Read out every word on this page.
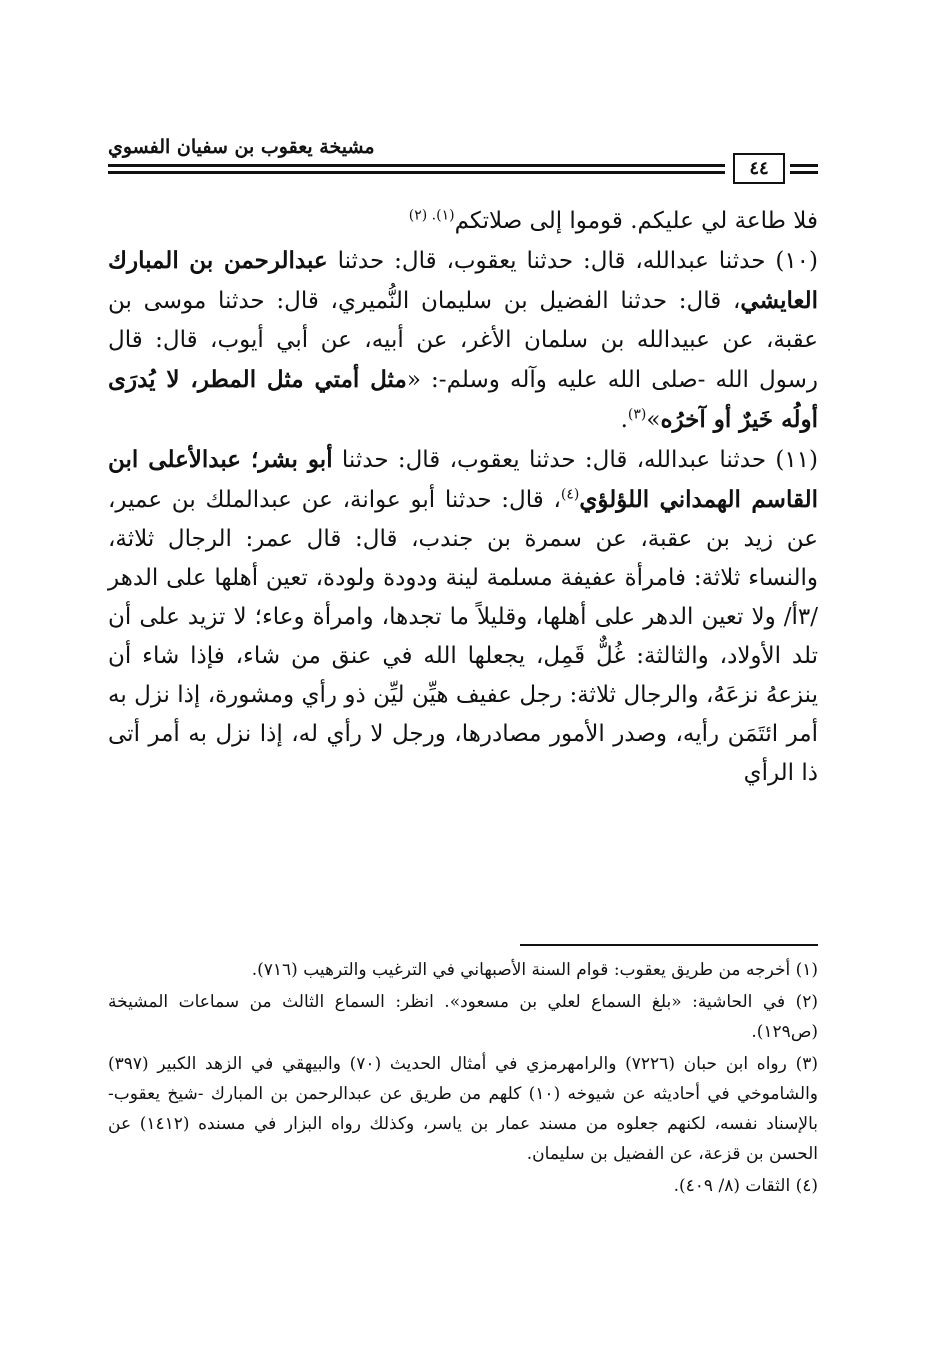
مشيخة يعقوب بن سفيان الفسوي
٤٤

فلا طاعة لي عليكم. قوموا إلى صلاتكم$^{(١). (٢)}$

(١٠) حدثنا عبدالله، قال: حدثنا يعقوب، قال: حدثنا عبدالرحمن بن المبارك العايشي، قال: حدثنا الفضيل بن سليمان النُّميري، قال: حدثنا موسى بن عقبة، عن عبيدالله بن سلمان الأغر، عن أبيه، عن أبي أيوب، قال: قال رسول الله -صلى الله عليه وآله وسلم-: «مثل أمتي مثل المطر، لا يُدرَى أولُه خَيرٌ أو آخرُه»$^{(٣)}$.

(١١) حدثنا عبدالله، قال: حدثنا يعقوب، قال: حدثنا أبو بشر؛ عبدالأعلى ابن القاسم الهمداني اللؤلؤي$^{(٤)}$، قال: حدثنا أبو عوانة، عن عبدالملك بن عمير، عن زيد بن عقبة، عن سمرة بن جندب، قال: قال عمر: الرجال ثلاثة، والنساء ثلاثة: فامرأة عفيفة مسلمة لينة ودودة ولودة، تعين أهلها على الدهر /٣أ/ ولا تعين الدهر على أهلها، وقليلاً ما تجدها، وامرأة وعاء؛ لا تزيد على أن تلد الأولاد، والثالثة: غُلٌّ قَمِل، يجعلها الله في عنق من شاء، فإذا شاء أن ينزعهُ نزعَهُ، والرجال ثلاثة: رجل عفيف هيِّن ليِّن ذو رأي ومشورة، إذا نزل به أمر ائتَمَن رأيه، وصدر الأمور مصادرها، ورجل لا رأي له، إذا نزل به أمر أتى ذا الرأي

(١) أخرجه من طريق يعقوب: قوام السنة الأصبهاني في الترغيب والترهيب (٧١٦).

(٢) في الحاشية: «بلغ السماع لعلي بن مسعود». انظر: السماع الثالث من سماعات المشيخة (ص١٢٩).

(٣) رواه ابن حبان (٧٢٢٦) والرامهرمزي في أمثال الحديث (٧٠) والبيهقي في الزهد الكبير (٣٩٧) والشاموخي في أحاديثه عن شيوخه (١٠) كلهم من طريق عن عبدالرحمن بن المبارك -شيخ يعقوب- بالإسناد نفسه، لكنهم جعلوه من مسند عمار بن ياسر، وكذلك رواه البزار في مسنده (١٤١٢) عن الحسن بن قزعة، عن الفضيل بن سليمان.

(٤) الثقات (٨/ ٤٠٩).
